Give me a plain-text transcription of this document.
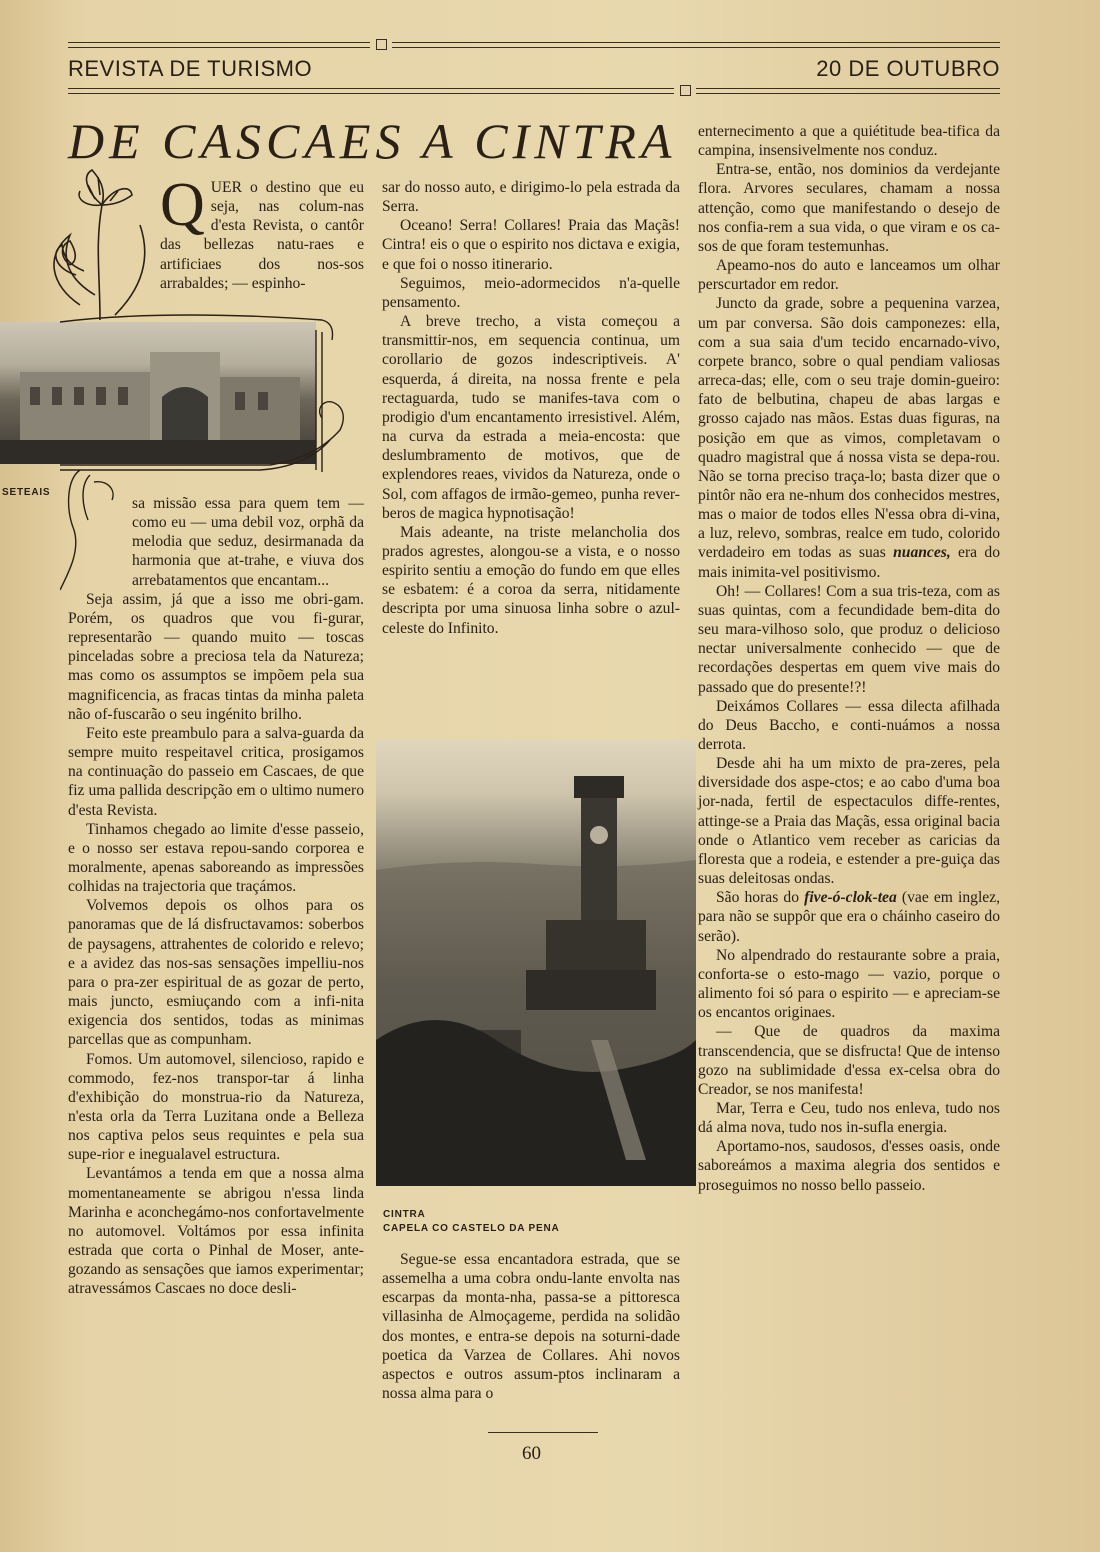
REVISTA DE TURISMO	20 DE OUTUBRO
DE CASCAES A CINTRA
SETEAIS

QUER o destino que eu seja, nas colum-nas d'esta Revista, o cantôr das bellezas natu-raes e artificiaes dos nos-sos arrabaldes; — espinho-

sa missão essa para quem tem — como eu — uma debil voz, orphã da melodia que seduz, desirmanada da harmonia que at-trahe, e viuva dos arrebatamentos que encantam...

Seja assim, já que a isso me obri-gam. Porém, os quadros que vou fi-gurar, representarão — quando muito — toscas pinceladas sobre a preciosa tela da Natureza; mas como os assumptos se impõem pela sua magnificencia, as fracas tintas da minha paleta não of-fuscarão o seu ingénito brilho.

Feito este preambulo para a salva-guarda da sempre muito respeitavel critica, prosigamos na continuação do passeio em Cascaes, de que fiz uma pallida descripção em o ultimo numero d'esta Revista.

Tinhamos chegado ao limite d'esse passeio, e o nosso ser estava repou-sando corporea e moralmente, apenas saboreando as impressões colhidas na trajectoria que traçámos.

Volvemos depois os olhos para os panoramas que de lá disfructavamos: soberbos de paysagens, attrahentes de colorido e relevo; e a avidez das nos-sas sensações impelliu-nos para o pra-zer espiritual de as gozar de perto, mais juncto, esmiuçando com a infi-nita exigencia dos sentidos, todas as minimas parcellas que as compunham.

Fomos. Um automovel, silencioso, rapido e commodo, fez-nos transpor-tar á linha d'exhibição do monstrua-rio da Natureza, n'esta orla da Terra Luzitana onde a Belleza nos captiva pelos seus requintes e pela sua supe-rior e inegualavel estructura.

Levantámos a tenda em que a nossa alma momentaneamente se abrigou n'essa linda Marinha e aconchegámo-nos confortavelmente no automovel. Voltámos por essa infinita estrada que corta o Pinhal de Moser, ante-gozando as sensações que iamos experimentar; atravessámos Cascaes no doce desli-

sar do nosso auto, e dirigimo-lo pela estrada da Serra.

Oceano! Serra! Collares! Praia das Maçãs! Cintra! eis o que o espirito nos dictava e exigia, e que foi o nosso itinerario.

Seguimos, meio-adormecidos n'a-quelle pensamento.

A breve trecho, a vista começou a transmittir-nos, em sequencia continua, um corollario de gozos indescriptiveis. A' esquerda, á direita, na nossa frente e pela rectaguarda, tudo se manifes-tava com o prodigio d'um encantamento irresistivel. Além, na curva da estrada a meia-encosta: que deslumbramento de motivos, que de explendores reaes, vividos da Natureza, onde o Sol, com affagos de irmão-gemeo, punha rever-beros de magica hypnotisação!

Mais adeante, na triste melancholia dos prados agrestes, alongou-se a vista, e o nosso espirito sentiu a emoção do fundo em que elles se esbatem: é a coroa da serra, nitidamente descripta por uma sinuosa linha sobre o azul-celeste do Infinito.

CINTRA
CAPELA CO CASTELO DA PENA

Segue-se essa encantadora estrada, que se assemelha a uma cobra ondu-lante envolta nas escarpas da monta-nha, passa-se a pittoresca villasinha de Almoçageme, perdida na solidão dos montes, e entra-se depois na soturni-dade poetica da Varzea de Collares. Ahi novos aspectos e outros assum-ptos inclinaram a nossa alma para o

enternecimento a que a quiétitude bea-tifica da campina, insensivelmente nos conduz.

Entra-se, então, nos dominios da verdejante flora. Arvores seculares, chamam a nossa attenção, como que manifestando o desejo de nos confia-rem a sua vida, o que viram e os ca-sos de que foram testemunhas.

Apeamo-nos do auto e lanceamos um olhar perscurtador em redor.

Juncto da grade, sobre a pequenina varzea, um par conversa. São dois camponezes: ella, com a sua saia d'um tecido encarnado-vivo, corpete branco, sobre o qual pendiam valiosas arreca-das; elle, com o seu traje domin-gueiro: fato de belbutina, chapeu de abas largas e grosso cajado nas mãos. Estas duas figuras, na posição em que as vimos, completavam o quadro magistral que á nossa vista se depa-rou. Não se torna preciso traça-lo; basta dizer que o pintôr não era ne-nhum dos conhecidos mestres, mas o maior de todos elles N'essa obra di-vina, a luz, relevo, sombras, realce em tudo, colorido verdadeiro em todas as suas nuances, era do mais inimita-vel positivismo.

Oh! — Collares! Com a sua tris-teza, com as suas quintas, com a fecundidade bem-dita do seu mara-vilhoso solo, que produz o delicioso nectar universalmente conhecido — que de recordações despertas em quem vive mais do passado que do presente!?!

Deixámos Collares — essa dilecta afilhada do Deus Baccho, e conti-nuámos a nossa derrota.

Desde ahi ha um mixto de pra-zeres, pela diversidade dos aspe-ctos; e ao cabo d'uma boa jor-nada, fertil de espectaculos diffe-rentes, attinge-se a Praia das Maçãs, essa original bacia onde o Atlantico vem receber as caricias da floresta que a rodeia, e estender a pre-guiça das suas deleitosas ondas.

São horas do five-ó-clok-tea (vae em inglez, para não se suppôr que era o cháinho caseiro do serão).

No alpendrado do restaurante sobre a praia, conforta-se o esto-mago — vazio, porque o alimento foi só para o espirito — e apreciam-se os encantos originaes.

— Que de quadros da maxima transcendencia, que se disfructa! Que de intenso gozo na sublimidade d'essa ex-celsa obra do Creador, se nos manifesta!

Mar, Terra e Ceu, tudo nos enleva, tudo nos dá alma nova, tudo nos in-sufla energia.

Aportamo-nos, saudosos, d'esses oasis, onde saboreámos a maxima alegria dos sentidos e proseguimos no nosso bello passeio.

60
